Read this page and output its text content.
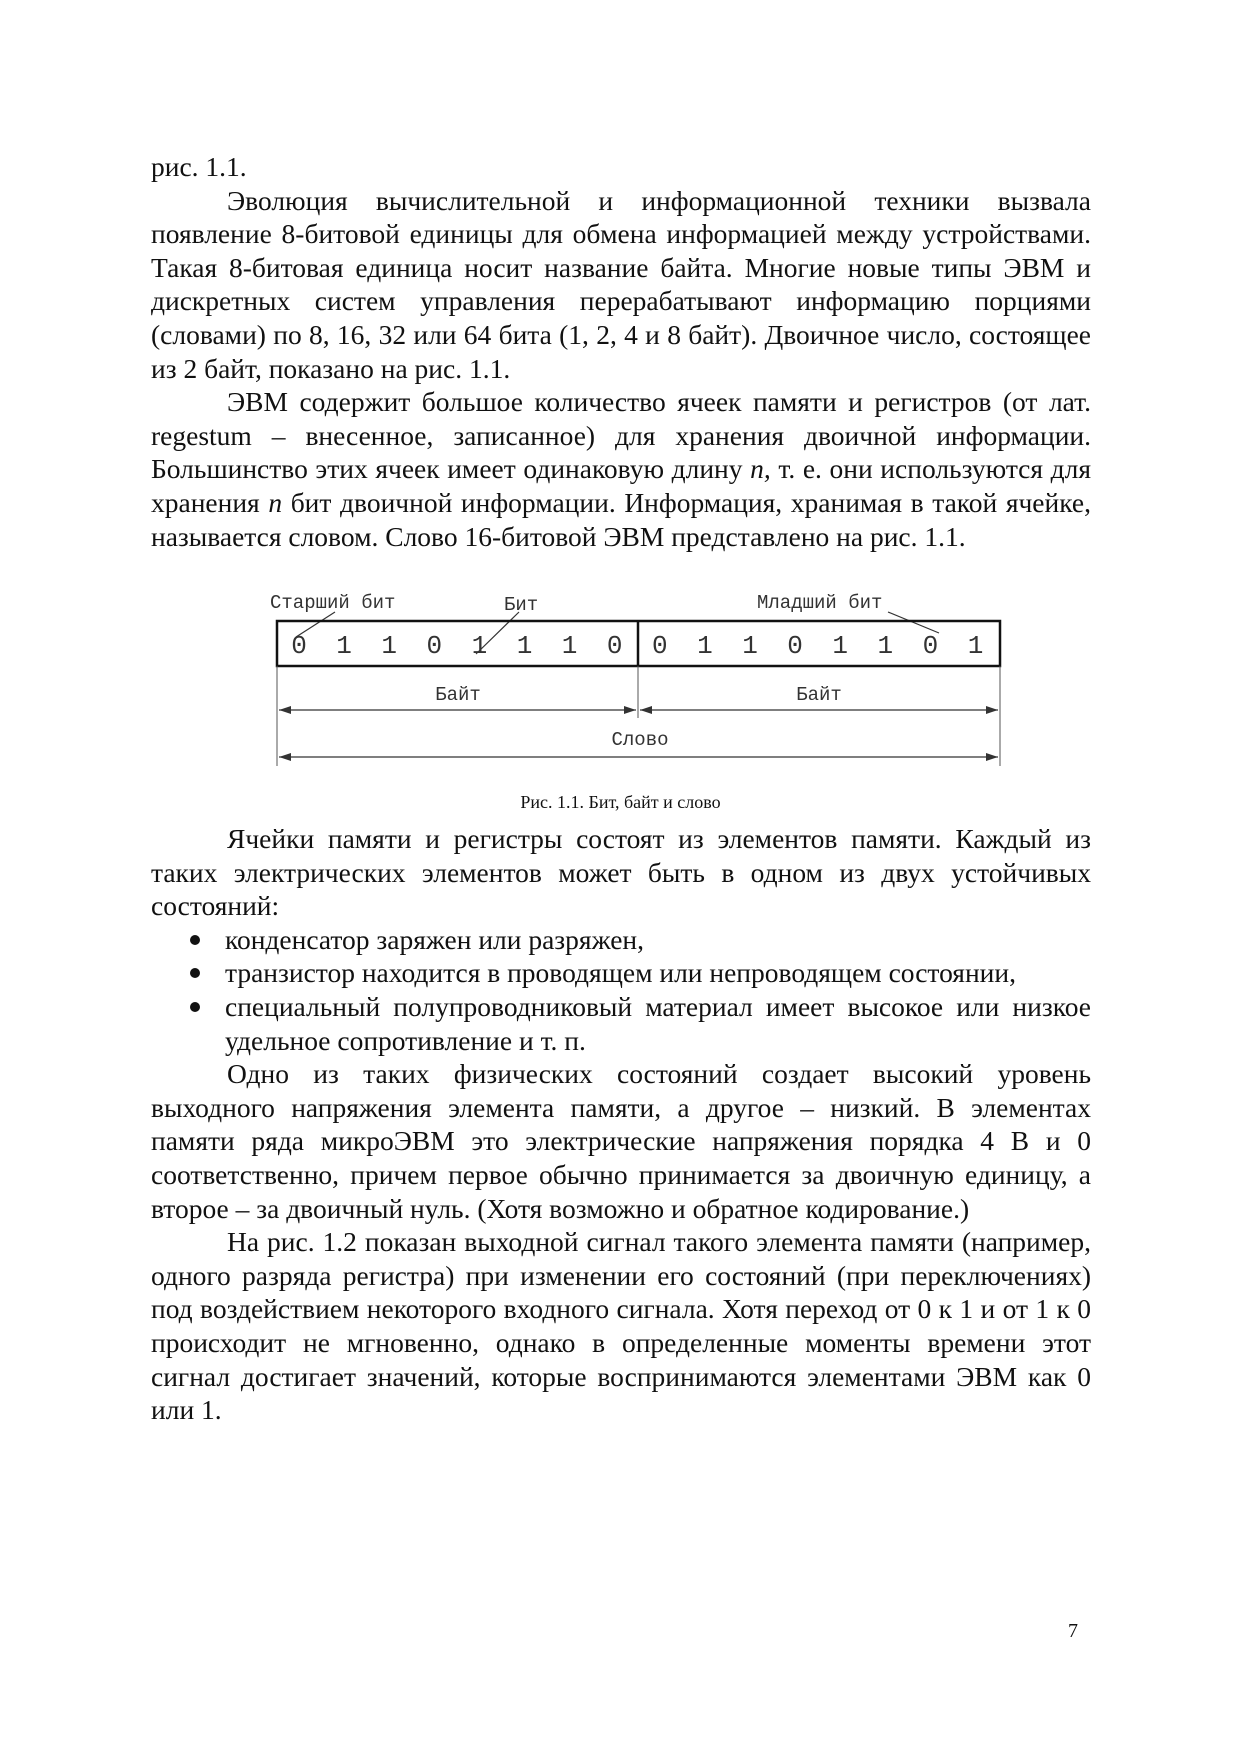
рис. 1.1.

Эволюция вычислительной и информационной техники вызвала появление 8-битовой единицы для обмена информацией между устройствами. Такая 8-битовая единица носит название байта. Многие новые типы ЭВМ и дискретных систем управления перерабатывают информацию порциями (словами) по 8, 16, 32 или 64 бита (1, 2, 4 и 8 байт). Двоичное число, состоящее из 2 байт, показано на рис. 1.1.

ЭВМ содержит большое количество ячеек памяти и регистров (от лат. regestum – внесенное, записанное) для хранения двоичной информации. Большинство этих ячеек имеет одинаковую длину n, т. е. они используются для хранения n бит двоичной информации. Информация, хранимая в такой ячейке, называется словом. Слово 16-битовой ЭВМ представлено на рис. 1.1.

Старший бит	Бит	Младший бит
0 1 1 0 1 1 1 0 0 1 1 0 1 1 0 1
Байт	Байт
Слово
Рис. 1.1. Бит, байт и слово

Ячейки памяти и регистры состоят из элементов памяти. Каждый из таких электрических элементов может быть в одном из двух устойчивых состояний:

конденсатор заряжен или разряжен,
транзистор находится в проводящем или непроводящем состоянии,
специальный полупроводниковый материал имеет высокое или низкое удельное сопротивление и т. п.

Одно из таких физических состояний создает высокий уровень выходного напряжения элемента памяти, а другое – низкий. В элементах памяти ряда микроЭВМ это электрические напряжения порядка 4 В и 0 соответственно, причем первое обычно принимается за двоичную единицу, а второе – за двоичный нуль. (Хотя возможно и обратное кодирование.)

На рис. 1.2 показан выходной сигнал такого элемента памяти (например, одного разряда регистра) при изменении его состояний (при переключениях) под воздействием некоторого входного сигнала. Хотя переход от 0 к 1 и от 1 к 0 происходит не мгновенно, однако в определенные моменты времени этот сигнал достигает значений, которые воспринимаются элементами ЭВМ как 0 или 1.

7
